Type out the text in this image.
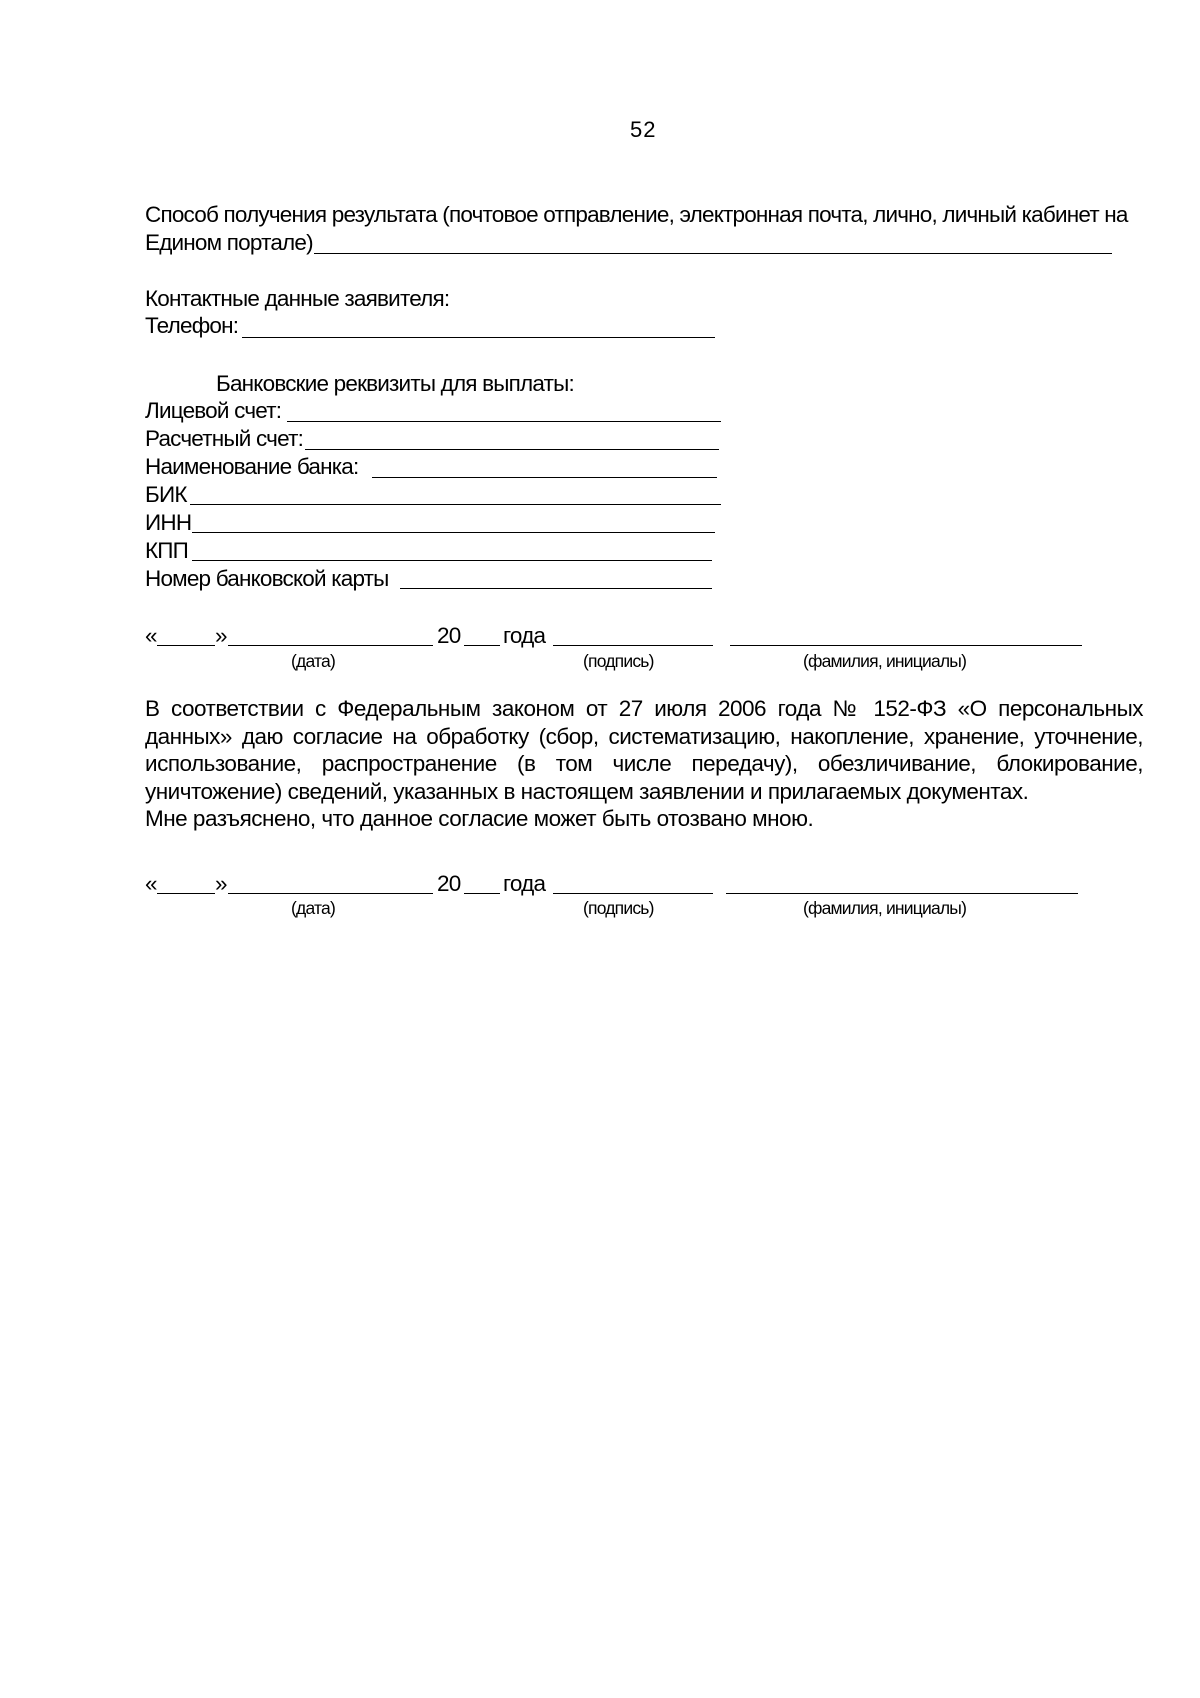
52
Способ получения результата (почтовое отправление, электронная почта, лично, личный кабинет на
Едином портале)
Контактные данные заявителя:
Телефон:
Банковские реквизиты для выплаты:
Лицевой счет:
Расчетный счет:
Наименование банка:
БИК
ИНН
КПП
Номер банковской карты
«	»	20 года
(дата)	(подпись)	(фамилия, инициалы)

В соответствии с Федеральным законом от 27 июля 2006 года № 152-ФЗ «О персональных данных» даю согласие на обработку (сбор, систематизацию, накопление, хранение, уточнение, использование, распространение (в том числе передачу), обезличивание, блокирование, уничтожение) сведений, указанных в настоящем заявлении и прилагаемых документах.

Мне разъяснено, что данное согласие может быть отозвано мною.

«	»	20 года
(дата)	(подпись)	(фамилия, инициалы)
